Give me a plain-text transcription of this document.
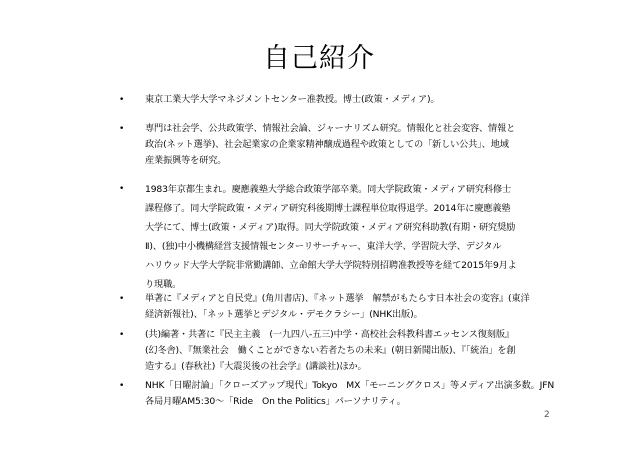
自己紹介
• 東京工業大学大学マネジメントセンター准教授。博士(政策・メディア)。
• 専門は社会学、公共政策学、情報社会論、ジャーナリズム研究。情報化と社会変容、情報と
政治(ネット選挙)、社会起業家の企業家精神醸成過程や政策としての「新しい公共」、地域
産業振興等を研究。
• 1983年京都生まれ。慶應義塾大学総合政策学部卒業。同大学院政策・メディア研究科修士
課程修了。同大学院政策・メディア研究科後期博士課程単位取得退学。2014年に慶應義塾
大学にて、博士(政策・メディア)取得。同大学院政策・メディア研究科助教(有期・研究奨励
Ⅱ)、(独)中小機構経営支援情報センターリサーチャー、東洋大学、学習院大学、デジタル
ハリウッド大学大学院非常勤講師、立命館大学大学院特別招聘准教授等を経て2015年9月よ
り現職。
• 単著に『メディアと自民党』(角川書店)、『ネット選挙　解禁がもたらす日本社会の変容』(東洋
経済新報社)、「ネット選挙とデジタル・デモクラシー」(NHK出版)。
• (共)編著・共著に『民主主義　(一九四八-五三)中学・高校社会科教科書エッセンス復刻版』
(幻冬舎)、『無業社会　働くことができない若者たちの未来』(朝日新聞出版)、『「統治」を創
造する』(春秋社)『大震災後の社会学』(講談社)ほか。
• NHK「日曜討論」「クローズアップ現代」Tokyo　MX「モーニングクロス」等メディア出演多数。JFN
各局月曜AM5:30〜「Ride　On the Politics」パーソナリティ。
2
